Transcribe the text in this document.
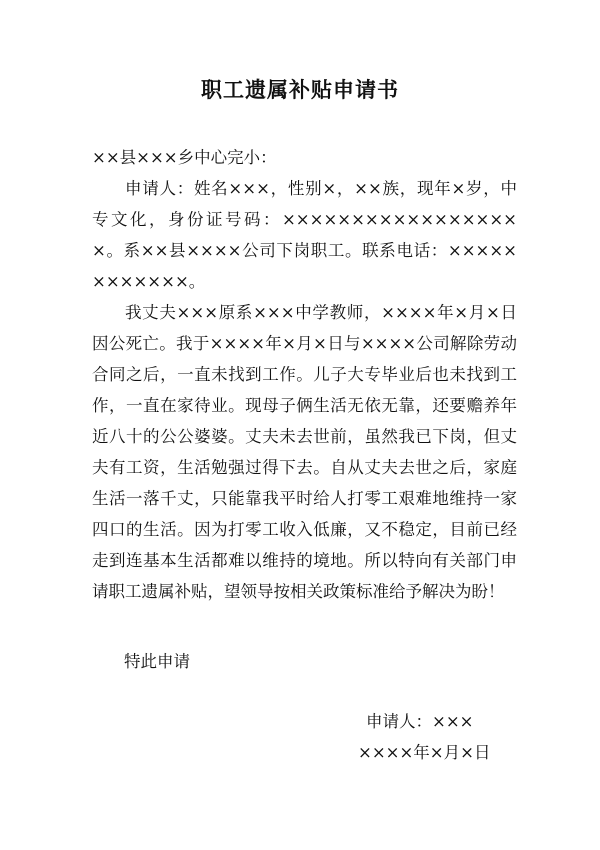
职工遗属补贴申请书

××县×××乡中心完小：

申请人：姓名×××，性别×，××族，现年×岁，中专文化，身份证号码：××××××××××××××××××。系××县××××公司下岗职工。联系电话：××××××××××××。

我丈夫×××原系×××中学教师，××××年×月×日因公死亡。我于××××年×月×日与××××公司解除劳动合同之后，一直未找到工作。儿子大专毕业后也未找到工作，一直在家待业。现母子俩生活无依无靠，还要赡养年近八十的公公婆婆。丈夫未去世前，虽然我已下岗，但丈夫有工资，生活勉强过得下去。自从丈夫去世之后，家庭生活一落千丈，只能靠我平时给人打零工艰难地维持一家四口的生活。因为打零工收入低廉，又不稳定，目前已经走到连基本生活都难以维持的境地。所以特向有关部门申请职工遗属补贴，望领导按相关政策标准给予解决为盼！

特此申请

申请人：×××

××××年×月×日
